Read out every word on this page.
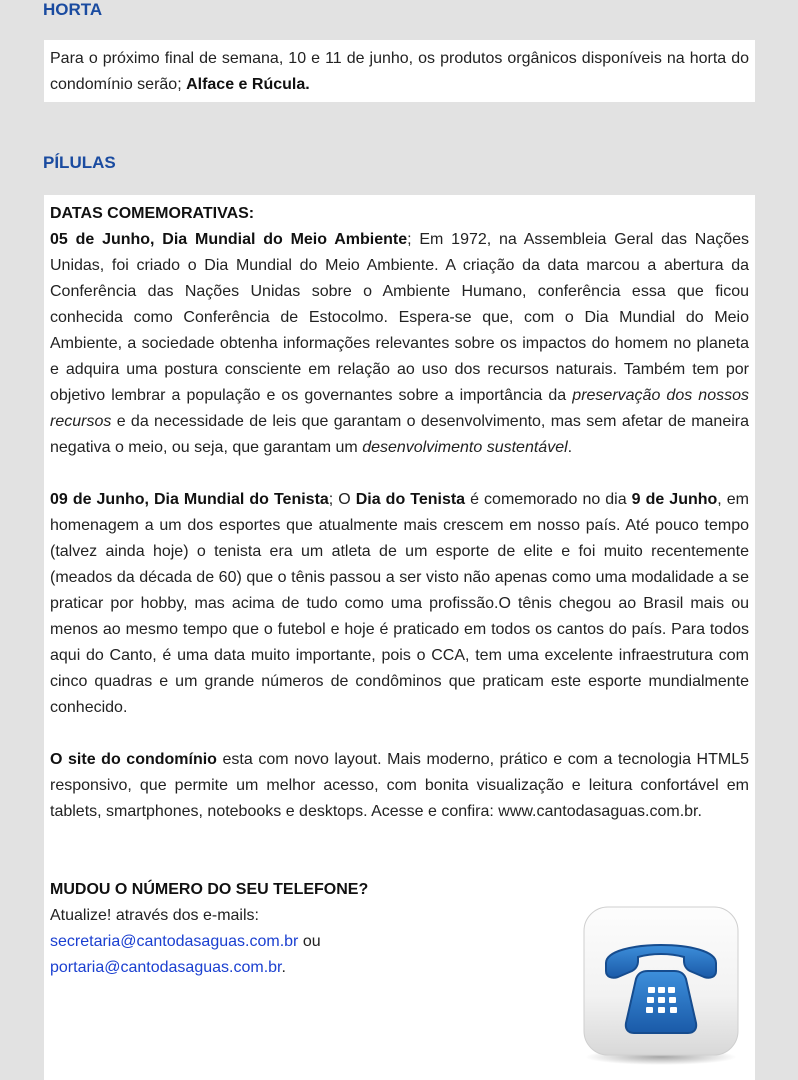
HORTA

Para o próximo final de semana, 10 e 11 de junho, os produtos orgânicos disponíveis na horta do condomínio serão; Alface e Rúcula.

PÍLULAS

DATAS COMEMORATIVAS:

05 de Junho, Dia Mundial do Meio Ambiente; Em 1972, na Assembleia Geral das Nações Unidas, foi criado o Dia Mundial do Meio Ambiente. A criação da data marcou a abertura da Conferência das Nações Unidas sobre o Ambiente Humano, conferência essa que ficou conhecida como Conferência de Estocolmo. Espera-se que, com o Dia Mundial do Meio Ambiente, a sociedade obtenha informações relevantes sobre os impactos do homem no planeta e adquira uma postura consciente em relação ao uso dos recursos naturais. Também tem por objetivo lembrar a população e os governantes sobre a importância da preservação dos nossos recursos e da necessidade de leis que garantam o desenvolvimento, mas sem afetar de maneira negativa o meio, ou seja, que garantam um desenvolvimento sustentável.

09 de Junho, Dia Mundial do Tenista; O Dia do Tenista é comemorado no dia 9 de Junho, em homenagem a um dos esportes que atualmente mais crescem em nosso país. Até pouco tempo (talvez ainda hoje) o tenista era um atleta de um esporte de elite e foi muito recentemente (meados da década de 60) que o tênis passou a ser visto não apenas como uma modalidade a se praticar por hobby, mas acima de tudo como uma profissão.O tênis chegou ao Brasil mais ou menos ao mesmo tempo que o futebol e hoje é praticado em todos os cantos do país. Para todos aqui do Canto, é uma data muito importante, pois o CCA, tem uma excelente infraestrutura com cinco quadras e um grande números de condôminos que praticam este esporte mundialmente conhecido.

O site do condomínio esta com novo layout. Mais moderno, prático e com a tecnologia HTML5 responsivo, que permite um melhor acesso, com bonita visualização e leitura confortável em tablets, smartphones, notebooks e desktops. Acesse e confira: www.cantodasaguas.com.br.

MUDOU O NÚMERO DO SEU TELEFONE?

Atualize! através dos e-mails:

secretaria@cantodasaguas.com.br ou

portaria@cantodasaguas.com.br.
